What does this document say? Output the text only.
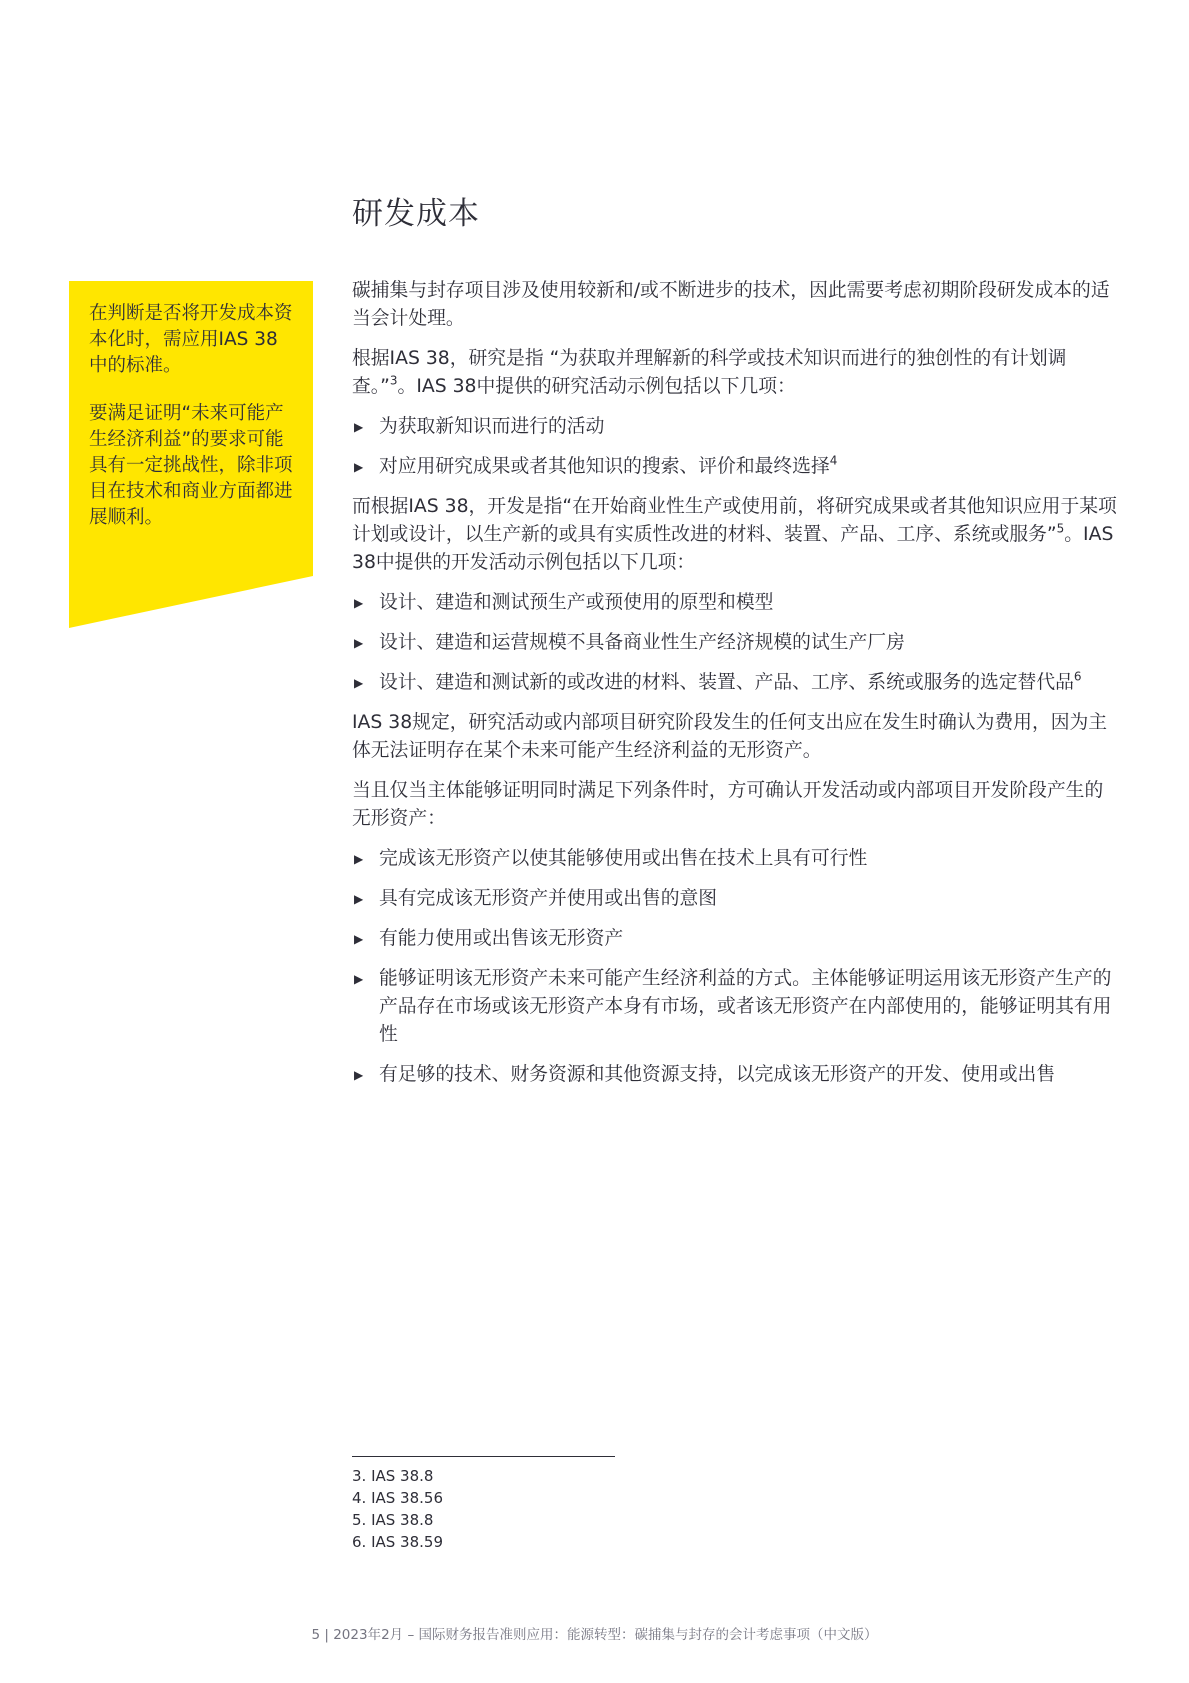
研发成本

在判断是否将开发成本资本化时，需应用IAS 38中的标准。

要满足证明“未来可能产生经济利益”的要求可能具有一定挑战性，除非项目在技术和商业方面都进展顺利。

碳捕集与封存项目涉及使用较新和/或不断进步的技术，因此需要考虑初期阶段研发成本的适当会计处理。

根据IAS 38，研究是指 “为获取并理解新的科学或技术知识而进行的独创性的有计划调查。”$^3$。IAS 38中提供的研究活动示例包括以下几项：

▶ 为获取新知识而进行的活动
▶ 对应用研究成果或者其他知识的搜索、评价和最终选择$^4$

而根据IAS 38，开发是指“在开始商业性生产或使用前，将研究成果或者其他知识应用于某项计划或设计，以生产新的或具有实质性改进的材料、装置、产品、工序、系统或服务”$^5$。IAS 38中提供的开发活动示例包括以下几项：

▶ 设计、建造和测试预生产或预使用的原型和模型
▶ 设计、建造和运营规模不具备商业性生产经济规模的试生产厂房
▶ 设计、建造和测试新的或改进的材料、装置、产品、工序、系统或服务的选定替代品$^6$

IAS 38规定，研究活动或内部项目研究阶段发生的任何支出应在发生时确认为费用，因为主体无法证明存在某个未来可能产生经济利益的无形资产。

当且仅当主体能够证明同时满足下列条件时，方可确认开发活动或内部项目开发阶段产生的无形资产：

▶ 完成该无形资产以使其能够使用或出售在技术上具有可行性
▶ 具有完成该无形资产并使用或出售的意图
▶ 有能力使用或出售该无形资产
▶ 能够证明该无形资产未来可能产生经济利益的方式。主体能够证明运用该无形资产生产的产品存在市场或该无形资产本身有市场，或者该无形资产在内部使用的，能够证明其有用性
▶ 有足够的技术、财务资源和其他资源支持，以完成该无形资产的开发、使用或出售
3. IAS 38.8
4. IAS 38.56
5. IAS 38.8
6. IAS 38.59
5 | 2023年2月 – 国际财务报告准则应用：能源转型：碳捕集与封存的会计考虑事项（中文版）
